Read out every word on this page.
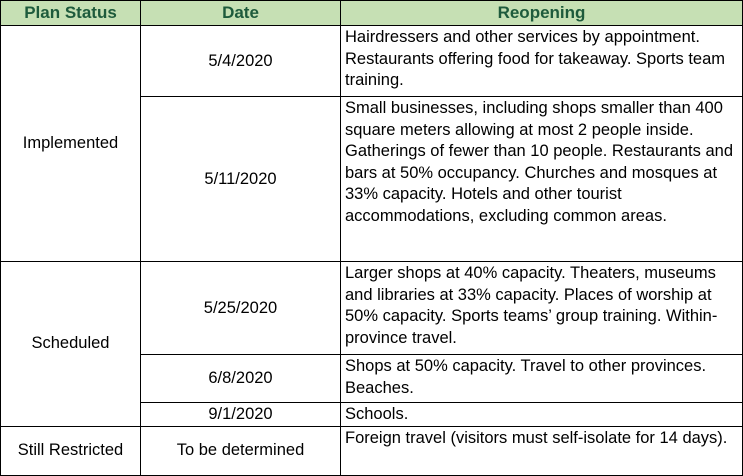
Plan Status	Date	Reopening
Implemented	5/4/2020	Hairdressers and other services by appointment. Restaurants offering food for takeaway. Sports team training.
	5/11/2020	Small businesses, including shops smaller than 400 square meters allowing at most 2 people inside. Gatherings of fewer than 10 people. Restaurants and bars at 50% occupancy. Churches and mosques at 33% capacity. Hotels and other tourist accommodations, excluding common areas.
Scheduled	5/25/2020	Larger shops at 40% capacity. Theaters, museums and libraries at 33% capacity. Places of worship at 50% capacity. Sports teams’ group training. Within-province travel.
	6/8/2020	Shops at 50% capacity. Travel to other provinces. Beaches.
	9/1/2020	Schools.
Still Restricted	To be determined	Foreign travel (visitors must self-isolate for 14 days).
